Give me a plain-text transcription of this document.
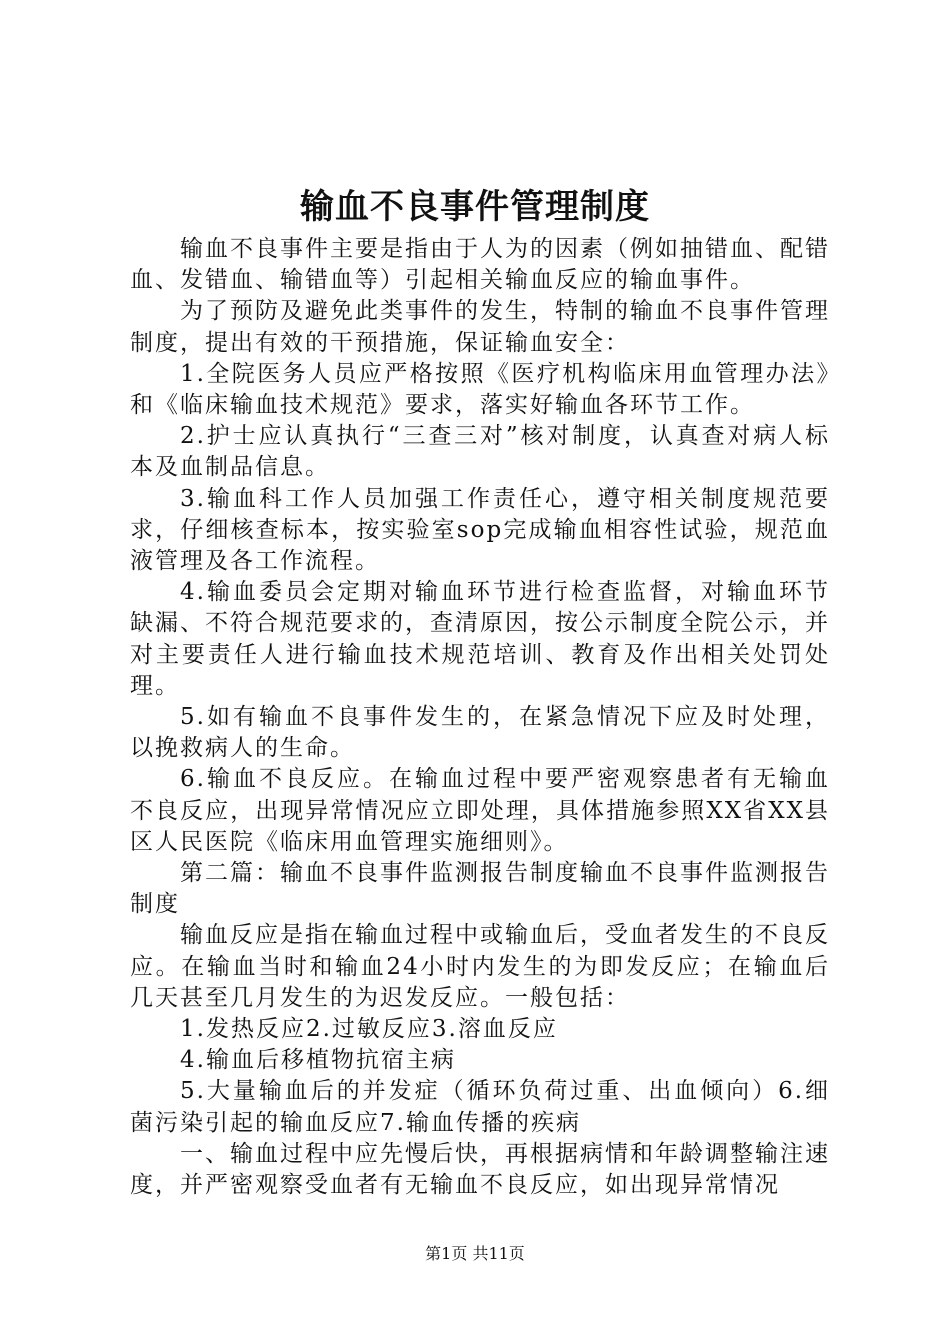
输血不良事件管理制度

输血不良事件主要是指由于人为的因素（例如抽错血、配错血、发错血、输错血等）引起相关输血反应的输血事件。

为了预防及避免此类事件的发生，特制的输血不良事件管理制度，提出有效的干预措施，保证输血安全：

1.全院医务人员应严格按照《医疗机构临床用血管理办法》和《临床输血技术规范》要求，落实好输血各环节工作。

2.护士应认真执行“三查三对”核对制度，认真查对病人标本及血制品信息。

3.输血科工作人员加强工作责任心，遵守相关制度规范要求，仔细核查标本，按实验室sop完成输血相容性试验，规范血液管理及各工作流程。

4.输血委员会定期对输血环节进行检查监督，对输血环节缺漏、不符合规范要求的，查清原因，按公示制度全院公示，并对主要责任人进行输血技术规范培训、教育及作出相关处罚处理。

5.如有输血不良事件发生的，在紧急情况下应及时处理，以挽救病人的生命。

6.输血不良反应。在输血过程中要严密观察患者有无输血不良反应，出现异常情况应立即处理，具体措施参照XX省XX县区人民医院《临床用血管理实施细则》。

第二篇：输血不良事件监测报告制度输血不良事件监测报告制度

输血反应是指在输血过程中或输血后，受血者发生的不良反应。在输血当时和输血24小时内发生的为即发反应；在输血后几天甚至几月发生的为迟发反应。一般包括：

1.发热反应2.过敏反应3.溶血反应

4.输血后移植物抗宿主病

5.大量输血后的并发症（循环负荷过重、出血倾向）6.细菌污染引起的输血反应7.输血传播的疾病

一、输血过程中应先慢后快，再根据病情和年龄调整输注速度，并严密观察受血者有无输血不良反应，如出现异常情况

第1页 共11页
